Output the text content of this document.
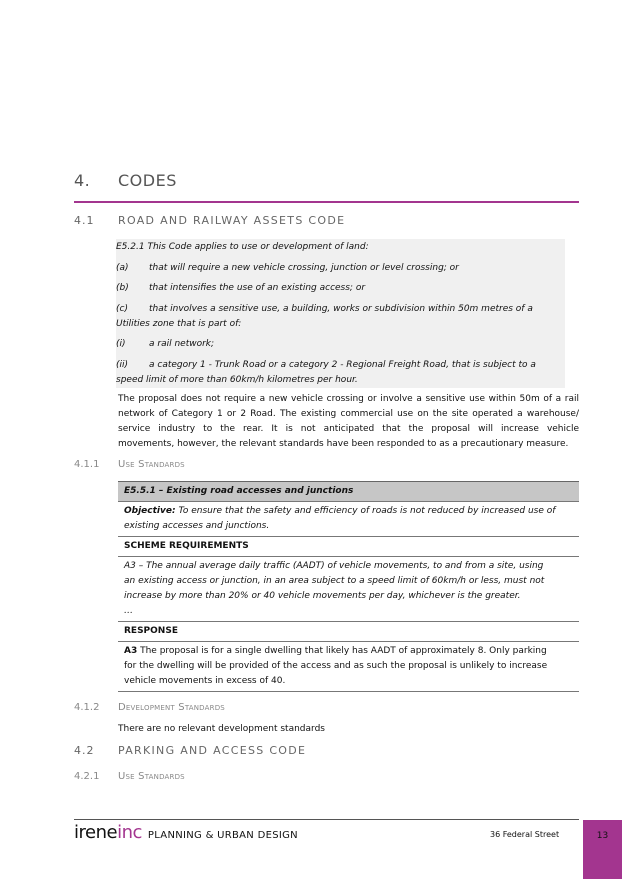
4. CODES
4.1 ROAD AND RAILWAY ASSETS CODE

E5.2.1 This Code applies to use or development of land:

(a) that will require a new vehicle crossing, junction or level crossing; or

(b) that intensifies the use of an existing access; or

(c) that involves a sensitive use, a building, works or subdivision within 50m metres of a

Utilities zone that is part of:

(i)	a rail network;

(ii) a category 1 - Trunk Road or a category 2 - Regional Freight Road, that is subject to a

speed limit of more than 60km/h kilometres per hour.

The proposal does not require a new vehicle crossing or involve a sensitive use within 50m of a rail
network of Category 1 or 2 Road. The existing commercial use on the site operated a warehouse/
service industry to the rear. It is not anticipated that the proposal will increase vehicle
movements, however, the relevant standards have been responded to as a precautionary measure.
4.1.1 Use Standards
E5.5.1 – Existing road accesses and junctions
Objective: To ensure that the safety and efficiency of roads is not reduced by increased use of
existing accesses and junctions.
SCHEME REQUIREMENTS
A3 – The annual average daily traffic (AADT) of vehicle movements, to and from a site, using
an existing access or junction, in an area subject to a speed limit of 60km/h or less, must not
increase by more than 20% or 40 vehicle movements per day, whichever is the greater.
…
RESPONSE
A3 The proposal is for a single dwelling that likely has AADT of approximately 8. Only parking
for the dwelling will be provided of the access and as such the proposal is unlikely to increase
vehicle movements in excess of 40.
4.1.2 Development Standards
There are no relevant development standards
4.2 PARKING AND ACCESS CODE
4.2.1 Use Standards
irene inc PLANNING & URBAN DESIGN	36 Federal Street	13
